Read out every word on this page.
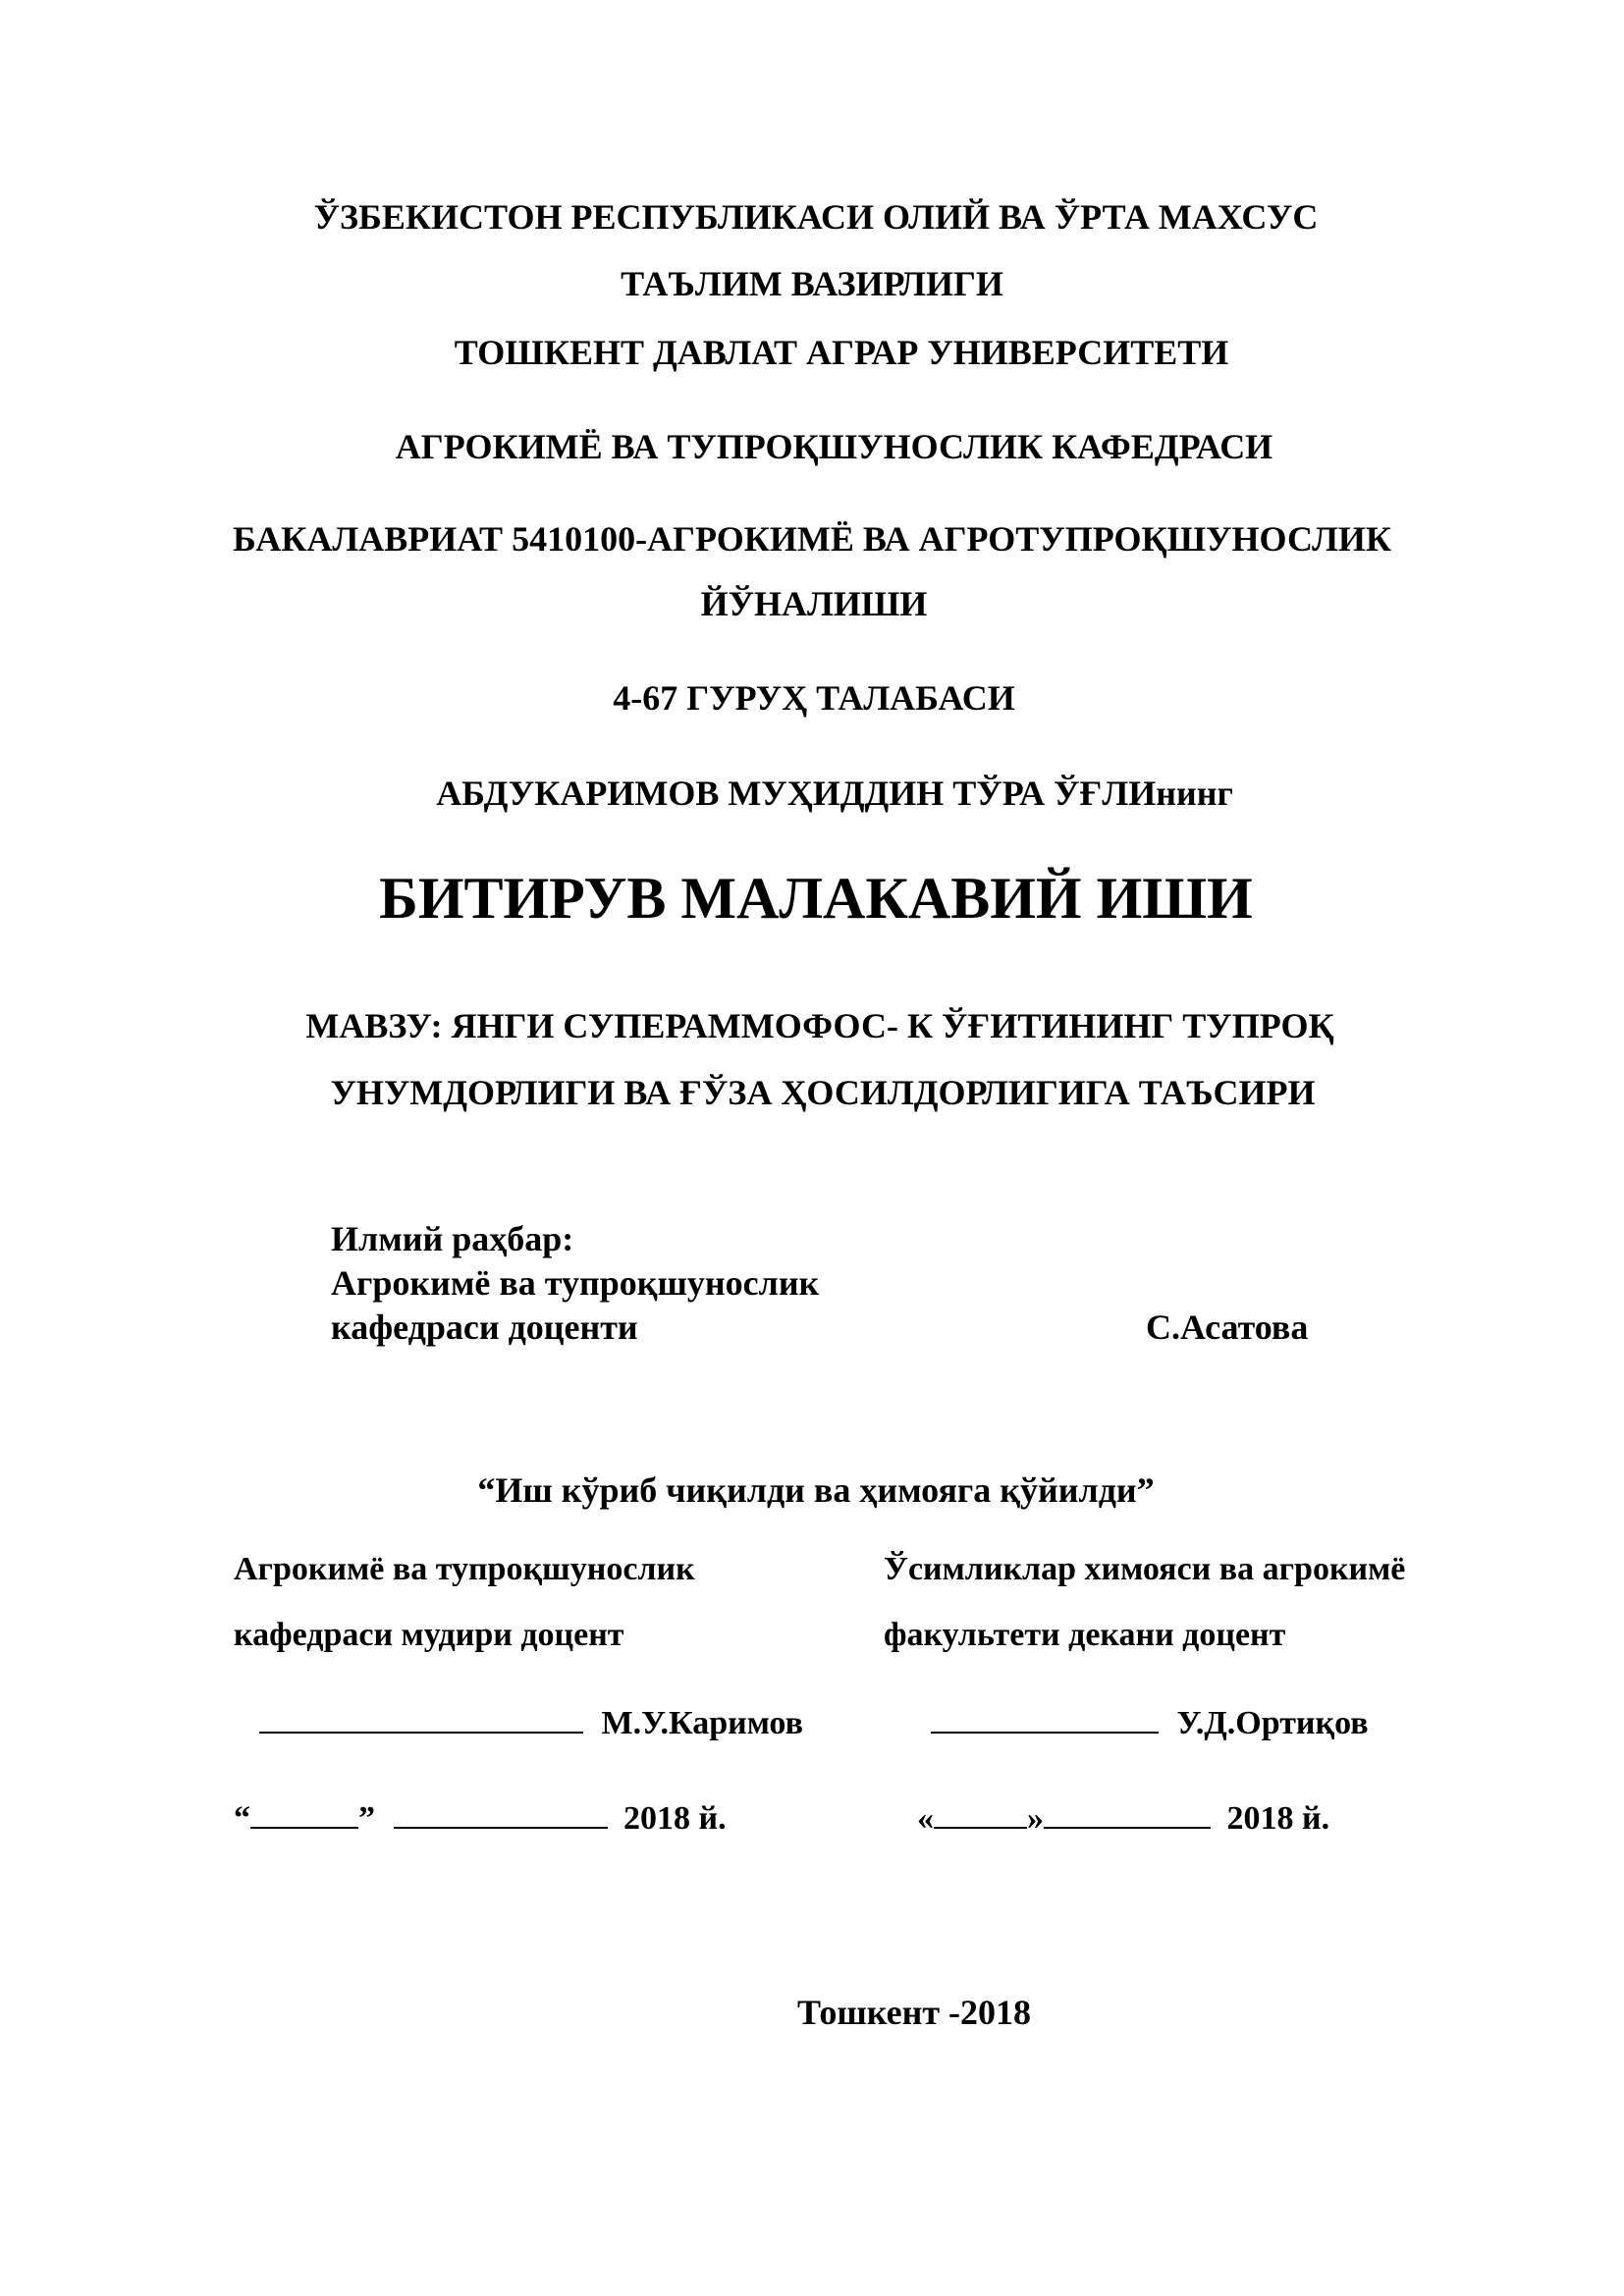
ЎЗБЕКИСТОН РЕСПУБЛИКАСИ ОЛИЙ ВА ЎРТА МАХСУС
ТАЪЛИМ ВАЗИРЛИГИ
ТОШКЕНТ ДАВЛАТ АГРАР УНИВЕРСИТЕТИ
АГРОКИМЁ ВА ТУПРОҚШУНОСЛИК КАФЕДРАСИ
БАКАЛАВРИАТ 5410100-АГРОКИМЁ ВА АГРОТУПРОҚШУНОСЛИК
ЙЎНАЛИШИ
4-67 ГУРУҲ ТАЛАБАСИ
АБДУКАРИМОВ МУҲИДДИН ТЎРА ЎҒЛИнинг
БИТИРУВ МАЛАКАВИЙ ИШИ
МАВЗУ: ЯНГИ СУПЕРАММОФОС- К ЎҒИТИНИНГ ТУПРОҚ
УНУМДОРЛИГИ ВА ҒЎЗА ҲОСИЛДОРЛИГИГА ТАЪСИРИ
Илмий раҳбар:
Агрокимё ва тупроқшунослик
кафедраси доценти	С.Асатова
“Иш кўриб чиқилди ва ҳимояга қўйилди”
Агрокимё ва тупроқшунослик
кафедраси мудири доцент
М.У.Каримов
“	”	2018 й.
Ўсимликлар химояси ва агрокимё
факультети декани доцент
У.Д.Ортиқов
«	»	2018 й.
Тошкент -2018
